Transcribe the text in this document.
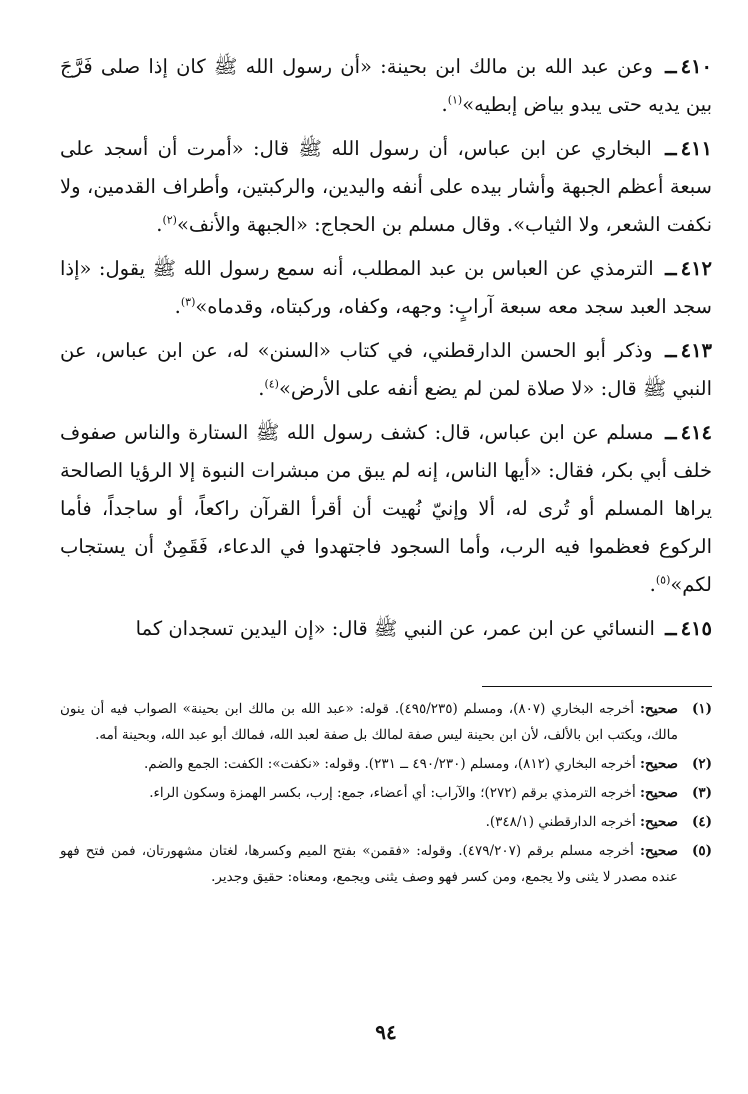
٤١٠ــ وعن عبد الله بن مالك ابن بحينة: «أن رسول الله ﷺ كان إذا صلى فَرَّجَ بين يديه حتى يبدو بياض إبطيه»$^{(١)}$.

٤١١ــ البخاري عن ابن عباس، أن رسول الله ﷺ قال: «أمرت أن أسجد على سبعة أعظم الجبهة وأشار بيده على أنفه واليدين، والركبتين، وأطراف القدمين، ولا نكفت الشعر، ولا الثياب». وقال مسلم بن الحجاج: «الجبهة والأنف»$^{(٢)}$.

٤١٢ــ الترمذي عن العباس بن عبد المطلب، أنه سمع رسول الله ﷺ يقول: «إذا سجد العبد سجد معه سبعة آرابٍ: وجهه، وكفاه، وركبتاه، وقدماه»$^{(٣)}$.

٤١٣ــ وذكر أبو الحسن الدارقطني، في كتاب «السنن» له، عن ابن عباس، عن النبي ﷺ قال: «لا صلاة لمن لم يضع أنفه على الأرض»$^{(٤)}$.

٤١٤ــ مسلم عن ابن عباس، قال: كشف رسول الله ﷺ الستارة والناس صفوف خلف أبي بكر، فقال: «أيها الناس، إنه لم يبق من مبشرات النبوة إلا الرؤيا الصالحة يراها المسلم أو تُرى له، ألا وإنيّ نُهيت أن أقرأ القرآن راكعاً، أو ساجداً، فأما الركوع فعظموا فيه الرب، وأما السجود فاجتهدوا في الدعاء، فَقَمِنٌ أن يستجاب لكم»$^{(٥)}$.

٤١٥ــ النسائي عن ابن عمر، عن النبي ﷺ قال: «إن اليدين تسجدان كما

(١)
صحيح: أخرجه البخاري (٨٠٧)، ومسلم (٤٩٥/٢٣٥). قوله: «عبد الله بن مالك ابن بحينة» الصواب فيه أن ينون مالك، ويكتب ابن بالألف، لأن ابن بحينة ليس صفة لمالك بل صفة لعبد الله، فمالك أبو عبد الله، وبحينة أمه.
(٢)
صحيح: أخرجه البخاري (٨١٢)، ومسلم (٤٩٠/٢٣٠ ــ ٢٣١). وقوله: «نكفت»: الكفت: الجمع والضم.
(٣)
صحيح: أخرجه الترمذي برقم (٢٧٢)؛ والآراب: أي أعضاء، جمع: إرب، بكسر الهمزة وسكون الراء.
(٤)
صحيح: أخرجه الدارقطني (٣٤٨/١).
(٥)
صحيح: أخرجه مسلم برقم (٤٧٩/٢٠٧). وقوله: «فقمن» بفتح الميم وكسرها، لغتان مشهورتان، فمن فتح فهو عنده مصدر لا يثنى ولا يجمع، ومن كسر فهو وصف يثنى ويجمع، ومعناه: حقيق وجدير.
٩٤
